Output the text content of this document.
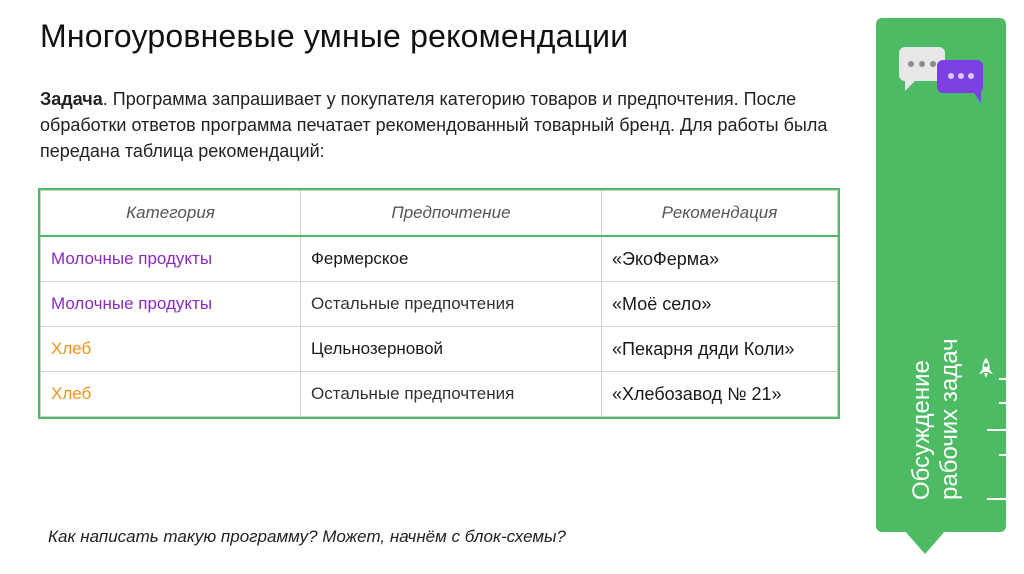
Многоуровневые умные рекомендации
Задача. Программа запрашивает у покупателя категорию товаров и предпочтения. После обработки ответов программа печатает рекомендованный товарный бренд. Для работы была передана таблица рекомендаций:
Категория	Предпочтение	Рекомендация
Молочные продукты	Фермерское	«ЭкоФерма»
Молочные продукты	Остальные предпочтения	«Моё село»
Хлеб	Цельнозерновой	«Пекарня дяди Коли»
Хлеб	Остальные предпочтения	«Хлебозавод № 21»
Как написать такую программу? Может, начнём с блок-схемы?
Обсуждение рабочих задач
